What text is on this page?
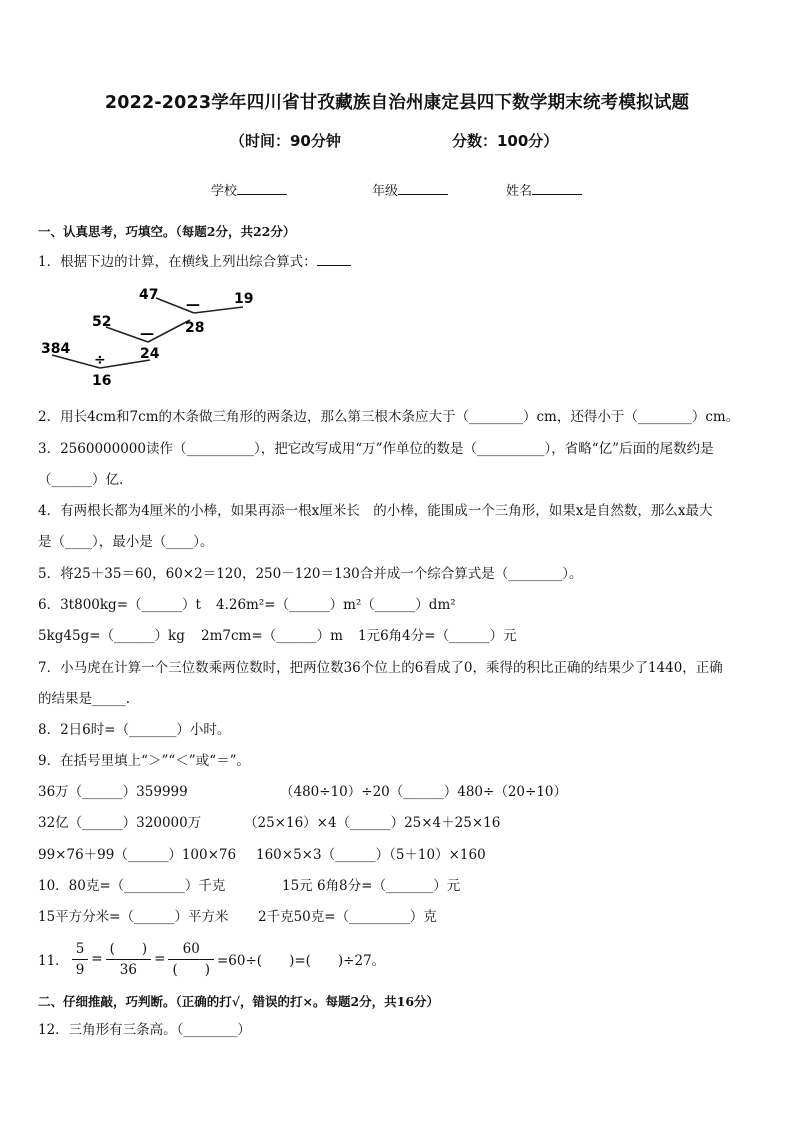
2022-2023学年四川省甘孜藏族自治州康定县四下数学期末统考模拟试题
（时间：90分钟	分数：100分）
学校	年级	姓名
一、认真思考，巧填空。（每题2分，共22分）
1．根据下边的计算，在横线上列出综合算式：
47
— 19
52	28
—
384
÷ 24
16
2．用长4cm和7cm的木条做三角形的两条边，那么第三根木条应大于（________）cm，还得小于（________）cm。
3．2560000000读作（__________），把它改写成用“万”作单位的数是（__________），省略“亿”后面的尾数约是
（______）亿.
4．有两根长都为4厘米的小棒，如果再添一根x厘米长　的小棒，能围成一个三角形，如果x是自然数，那么x最大
是（____），最小是（____）。
5．将25＋35＝60，60×2＝120，250－120＝130合并成一个综合算式是（________）。
6．3t800kg=（______）t 4.26m²=（______）m²（______）dm²
5kg45g=（______）kg 2m7cm=（______）m 1元6角4分=（______）元
7．小马虎在计算一个三位数乘两位数时，把两位数36个位上的6看成了0，乘得的积比正确的结果少了1440，正确
的结果是_____.
8．2日6时=（_______）小时。
9．在括号里填上“＞”“＜”或“＝”。
36万（______）359999	（480÷10）÷20（______）480÷（20÷10）
32亿（______）320000万	（25×16）×4（______）25×4＋25×16
99×76＋99（______）100×76 160×5×3（______）（5＋10）×160
10．80克=（_________）千克	15元 6角8分=（_______）元
15平方分米=（______）平方米 2千克50克=（_________）克
11． $\frac{5}{9} = \frac{( )}{36} = \frac{60}{( )} =60\div$(　　)=(　　)÷27。
二、仔细推敲，巧判断。（正确的打√，错误的打×。每题2分，共16分）
12．三角形有三条高。（________）
